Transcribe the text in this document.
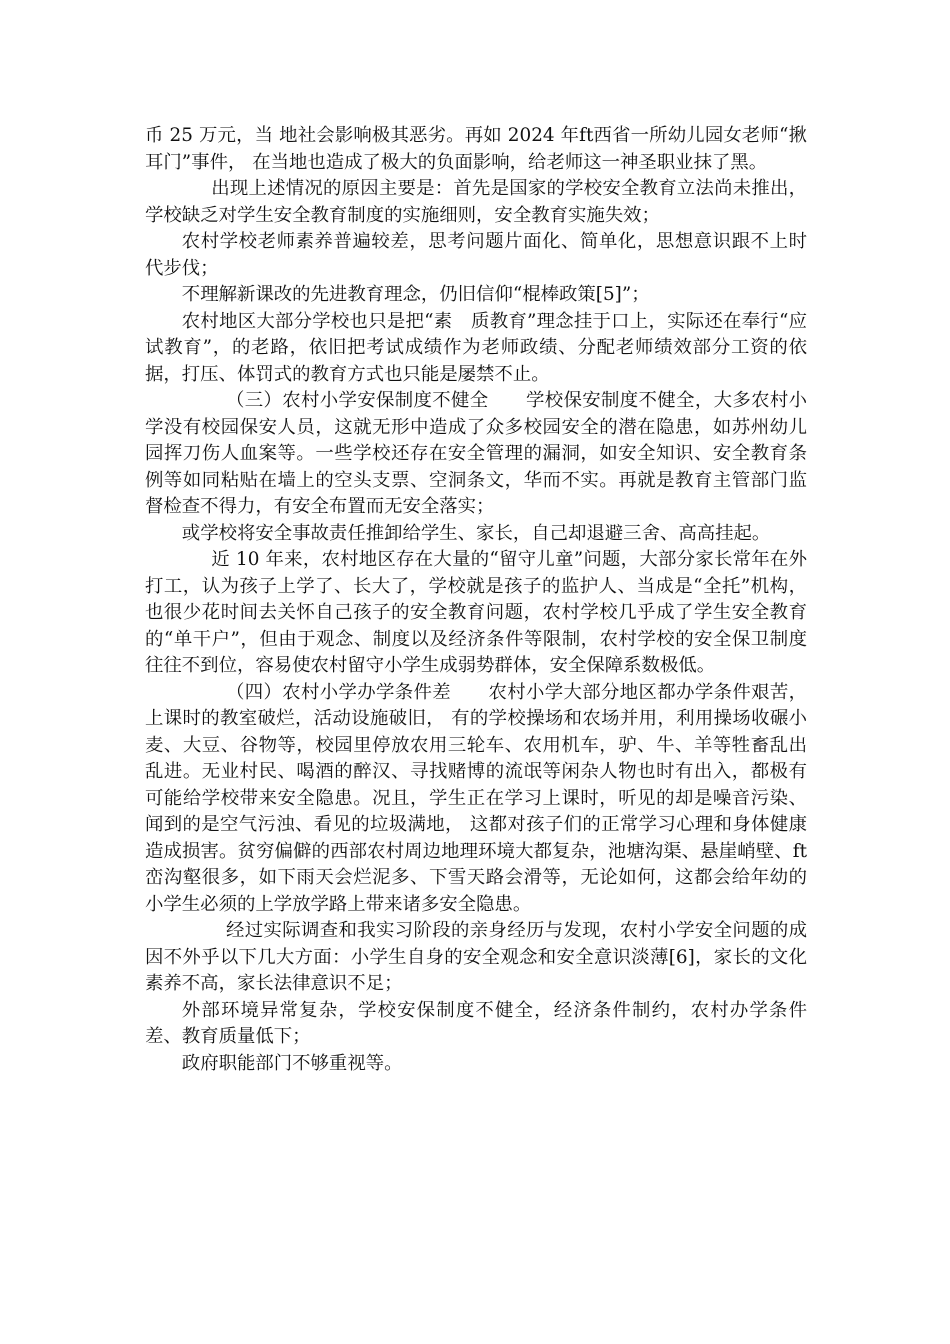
币 25 万元，当 地社会影响极其恶劣。再如 2024 年ft西省一所幼儿园女老师“揪耳门”事件， 在当地也造成了极大的负面影响，给老师这一神圣职业抹了黑。

出现上述情况的原因主要是：首先是国家的学校安全教育立法尚未推出，学校缺乏对学生安全教育制度的实施细则，安全教育实施失效；

农村学校老师素养普遍较差，思考问题片面化、简单化，思想意识跟不上时代步伐；

不理解新课改的先进教育理念，仍旧信仰“棍棒政策[5]”；

农村地区大部分学校也只是把“素　质教育”理念挂于口上，实际还在奉行“应试教育”，的老路，依旧把考试成绩作为老师政绩、分配老师绩效部分工资的依据，打压、体罚式的教育方式也只能是屡禁不止。

（三）农村小学安保制度不健全　　学校保安制度不健全，大多农村小学没有校园保安人员，这就无形中造成了众多校园安全的潜在隐患，如苏州幼儿园挥刀伤人血案等。一些学校还存在安全管理的漏洞，如安全知识、安全教育条例等如同粘贴在墙上的空头支票、空洞条文，华而不实。再就是教育主管部门监督检查不得力，有安全布置而无安全落实；

或学校将安全事故责任推卸给学生、家长，自己却退避三舍、高高挂起。

近 10 年来，农村地区存在大量的“留守儿童”问题，大部分家长常年在外打工，认为孩子上学了、长大了，学校就是孩子的监护人、当成是“全托”机构， 也很少花时间去关怀自己孩子的安全教育问题，农村学校几乎成了学生安全教育的“单干户”，但由于观念、制度以及经济条件等限制，农村学校的安全保卫制度往往不到位，容易使农村留守小学生成弱势群体，安全保障系数极低。

（四）农村小学办学条件差　　农村小学大部分地区都办学条件艰苦，上课时的教室破烂，活动设施破旧， 有的学校操场和农场并用，利用操场收碾小麦、大豆、谷物等，校园里停放农用三轮车、农用机车，驴、牛、羊等牲畜乱出乱进。无业村民、喝酒的醉汉、寻找赌博的流氓等闲杂人物也时有出入，都极有可能给学校带来安全隐患。况且，学生正在学习上课时，听见的却是噪音污染、闻到的是空气污浊、看见的垃圾满地， 这都对孩子们的正常学习心理和身体健康造成损害。贫穷偏僻的西部农村周边地理环境大都复杂，池塘沟渠、悬崖峭壁、ft峦沟壑很多，如下雨天会烂泥多、下雪天路会滑等，无论如何，这都会给年幼的小学生必须的上学放学路上带来诸多安全隐患。

经过实际调查和我实习阶段的亲身经历与发现，农村小学安全问题的成因不外乎以下几大方面：小学生自身的安全观念和安全意识淡薄[6]，家长的文化素养不高，家长法律意识不足；

外部环境异常复杂，学校安保制度不健全，经济条件制约，农村办学条件差、教育质量低下；

政府职能部门不够重视等。
